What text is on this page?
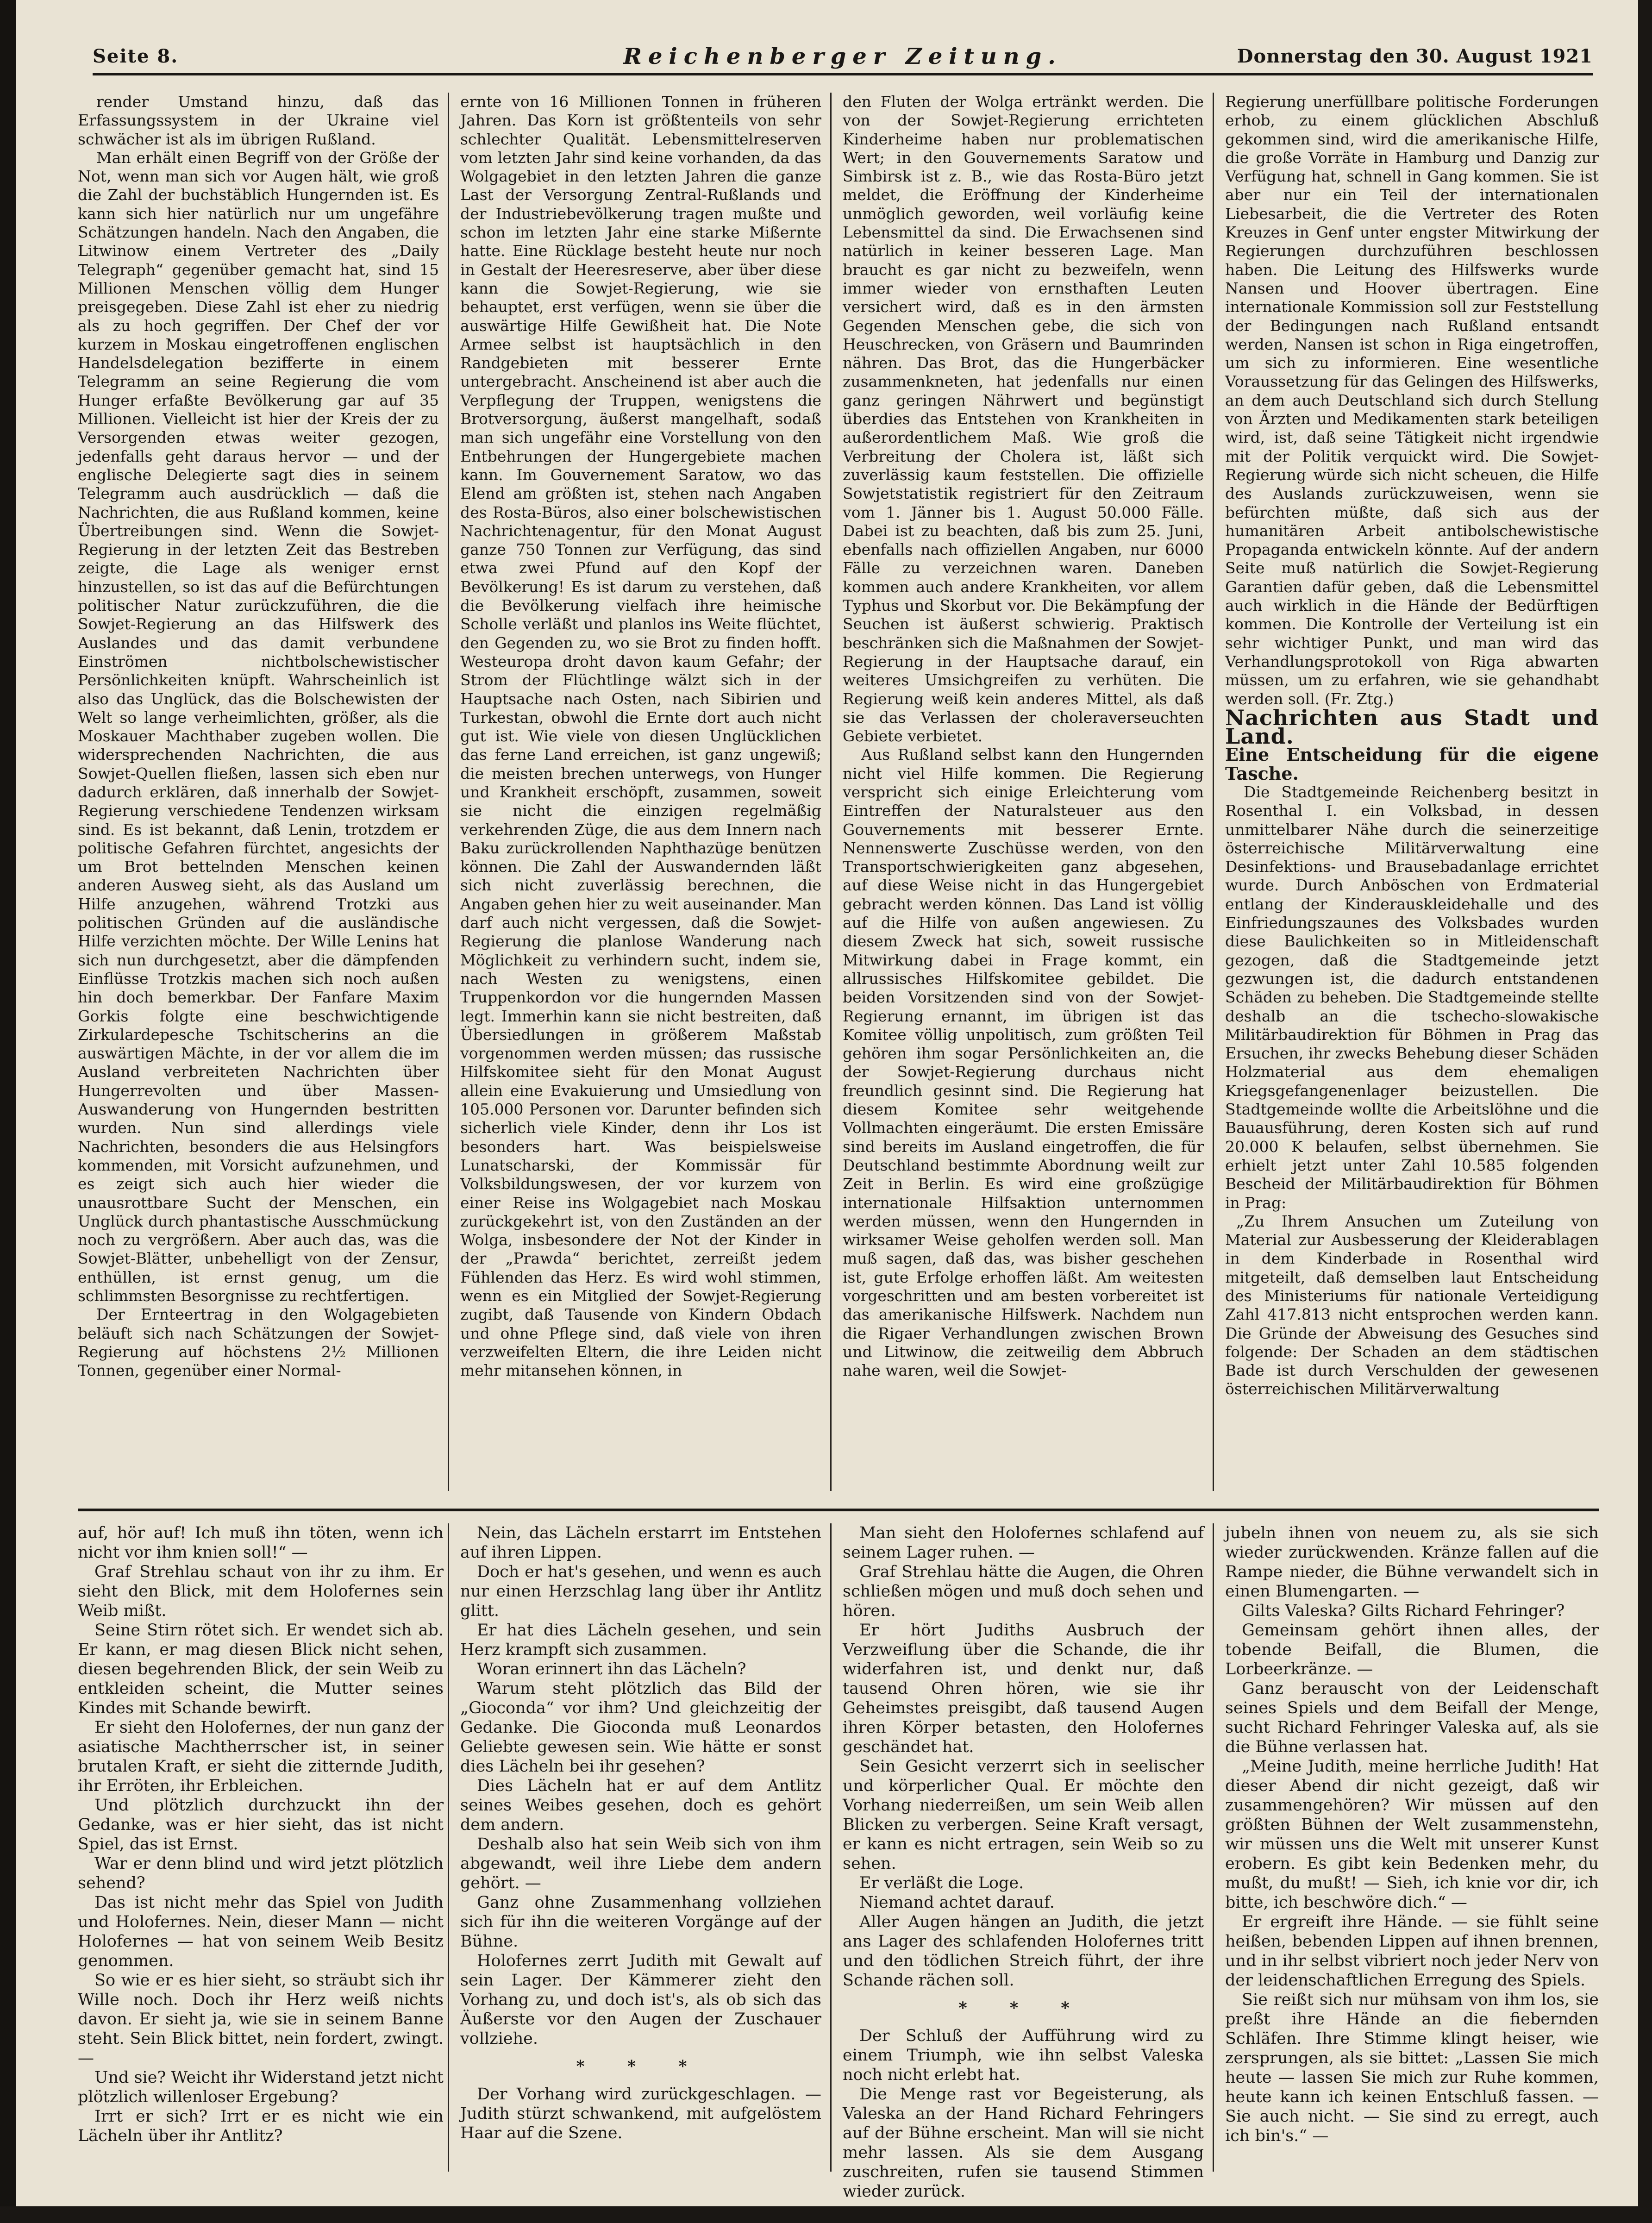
Seite 8.	Reichenberger Zeitung.	Donnerstag den 30. August 1921

render Umstand hinzu, daß das Erfassungssystem in der Ukraine viel schwächer ist als im übrigen Rußland.

Man erhält einen Begriff von der Größe der Not, wenn man sich vor Augen hält, wie groß die Zahl der buchstäblich Hungernden ist. Es kann sich hier natürlich nur um ungefähre Schätzungen handeln. Nach den Angaben, die Litwinow einem Vertreter des „Daily Telegraph“ gegenüber gemacht hat, sind 15 Millionen Menschen völlig dem Hunger preisgegeben. Diese Zahl ist eher zu niedrig als zu hoch gegriffen. Der Chef der vor kurzem in Moskau eingetroffenen englischen Handelsdelegation bezifferte in einem Telegramm an seine Regierung die vom Hunger erfaßte Bevölkerung gar auf 35 Millionen. Vielleicht ist hier der Kreis der zu Versorgenden etwas weiter gezogen, jedenfalls geht daraus hervor — und der englische Delegierte sagt dies in seinem Telegramm auch ausdrücklich — daß die Nachrichten, die aus Rußland kommen, keine Übertreibungen sind. Wenn die Sowjet-Regierung in der letzten Zeit das Bestreben zeigte, die Lage als weniger ernst hinzustellen, so ist das auf die Befürchtungen politischer Natur zurückzuführen, die die Sowjet-Regierung an das Hilfswerk des Auslandes und das damit verbundene Einströmen nichtbolschewistischer Persönlichkeiten knüpft. Wahrscheinlich ist also das Unglück, das die Bolschewisten der Welt so lange verheimlichten, größer, als die Moskauer Machthaber zugeben wollen. Die widersprechenden Nachrichten, die aus Sowjet-Quellen fließen, lassen sich eben nur dadurch erklären, daß innerhalb der Sowjet-Regierung verschiedene Tendenzen wirksam sind. Es ist bekannt, daß Lenin, trotzdem er politische Gefahren fürchtet, angesichts der um Brot bettelnden Menschen keinen anderen Ausweg sieht, als das Ausland um Hilfe anzugehen, während Trotzki aus politischen Gründen auf die ausländische Hilfe verzichten möchte. Der Wille Lenins hat sich nun durchgesetzt, aber die dämpfenden Einflüsse Trotzkis machen sich noch außen hin doch bemerkbar. Der Fanfare Maxim Gorkis folgte eine beschwichtigende Zirkulardepesche Tschitscherins an die auswärtigen Mächte, in der vor allem die im Ausland verbreiteten Nachrichten über Hungerrevolten und über Massen-Auswanderung von Hungernden bestritten wurden. Nun sind allerdings viele Nachrichten, besonders die aus Helsingfors kommenden, mit Vorsicht aufzunehmen, und es zeigt sich auch hier wieder die unausrottbare Sucht der Menschen, ein Unglück durch phantastische Ausschmückung noch zu vergrößern. Aber auch das, was die Sowjet-Blätter, unbehelligt von der Zensur, enthüllen, ist ernst genug, um die schlimmsten Besorgnisse zu rechtfertigen.

Der Ernteertrag in den Wolgagebieten beläuft sich nach Schätzungen der Sowjet-Regierung auf höchstens 2½ Millionen Tonnen, gegenüber einer Normal-

ernte von 16 Millionen Tonnen in früheren Jahren. Das Korn ist größtenteils von sehr schlechter Qualität. Lebensmittelreserven vom letzten Jahr sind keine vorhanden, da das Wolgagebiet in den letzten Jahren die ganze Last der Versorgung Zentral-Rußlands und der Industriebevölkerung tragen mußte und schon im letzten Jahr eine starke Mißernte hatte. Eine Rücklage besteht heute nur noch in Gestalt der Heeresreserve, aber über diese kann die Sowjet-Regierung, wie sie behauptet, erst verfügen, wenn sie über die auswärtige Hilfe Gewißheit hat. Die Note Armee selbst ist hauptsächlich in den Randgebieten mit besserer Ernte untergebracht. Anscheinend ist aber auch die Verpflegung der Truppen, wenigstens die Brotversorgung, äußerst mangelhaft, sodaß man sich ungefähr eine Vorstellung von den Entbehrungen der Hungergebiete machen kann. Im Gouvernement Saratow, wo das Elend am größten ist, stehen nach Angaben des Rosta-Büros, also einer bolschewistischen Nachrichtenagentur, für den Monat August ganze 750 Tonnen zur Verfügung, das sind etwa zwei Pfund auf den Kopf der Bevölkerung! Es ist darum zu verstehen, daß die Bevölkerung vielfach ihre heimische Scholle verläßt und planlos ins Weite flüchtet, den Gegenden zu, wo sie Brot zu finden hofft. Westeuropa droht davon kaum Gefahr; der Strom der Flüchtlinge wälzt sich in der Hauptsache nach Osten, nach Sibirien und Turkestan, obwohl die Ernte dort auch nicht gut ist. Wie viele von diesen Unglücklichen das ferne Land erreichen, ist ganz ungewiß; die meisten brechen unterwegs, von Hunger und Krankheit erschöpft, zusammen, soweit sie nicht die einzigen regelmäßig verkehrenden Züge, die aus dem Innern nach Baku zurückrollenden Naphthazüge benützen können. Die Zahl der Auswandernden läßt sich nicht zuverlässig berechnen, die Angaben gehen hier zu weit auseinander. Man darf auch nicht vergessen, daß die Sowjet-Regierung die planlose Wanderung nach Möglichkeit zu verhindern sucht, indem sie, nach Westen zu wenigstens, einen Truppenkordon vor die hungernden Massen legt. Immerhin kann sie nicht bestreiten, daß Übersiedlungen in größerem Maßstab vorgenommen werden müssen; das russische Hilfskomitee sieht für den Monat August allein eine Evakuierung und Umsiedlung von 105.000 Personen vor. Darunter befinden sich sicherlich viele Kinder, denn ihr Los ist besonders hart. Was beispielsweise Lunatscharski, der Kommissär für Volksbildungswesen, der vor kurzem von einer Reise ins Wolgagebiet nach Moskau zurückgekehrt ist, von den Zuständen an der Wolga, insbesondere der Not der Kinder in der „Prawda“ berichtet, zerreißt jedem Fühlenden das Herz. Es wird wohl stimmen, wenn es ein Mitglied der Sowjet-Regierung zugibt, daß Tausende von Kindern Obdach und ohne Pflege sind, daß viele von ihren verzweifelten Eltern, die ihre Leiden nicht mehr mitansehen können, in

den Fluten der Wolga ertränkt werden. Die von der Sowjet-Regierung errichteten Kinderheime haben nur problematischen Wert; in den Gouvernements Saratow und Simbirsk ist z. B., wie das Rosta-Büro jetzt meldet, die Eröffnung der Kinderheime unmöglich geworden, weil vorläufig keine Lebensmittel da sind. Die Erwachsenen sind natürlich in keiner besseren Lage. Man braucht es gar nicht zu bezweifeln, wenn immer wieder von ernsthaften Leuten versichert wird, daß es in den ärmsten Gegenden Menschen gebe, die sich von Heuschrecken, von Gräsern und Baumrinden nähren. Das Brot, das die Hungerbäcker zusammenkneten, hat jedenfalls nur einen ganz geringen Nährwert und begünstigt überdies das Entstehen von Krankheiten in außerordentlichem Maß. Wie groß die Verbreitung der Cholera ist, läßt sich zuverlässig kaum feststellen. Die offizielle Sowjetstatistik registriert für den Zeitraum vom 1. Jänner bis 1. August 50.000 Fälle. Dabei ist zu beachten, daß bis zum 25. Juni, ebenfalls nach offiziellen Angaben, nur 6000 Fälle zu verzeichnen waren. Daneben kommen auch andere Krankheiten, vor allem Typhus und Skorbut vor. Die Bekämpfung der Seuchen ist äußerst schwierig. Praktisch beschränken sich die Maßnahmen der Sowjet-Regierung in der Hauptsache darauf, ein weiteres Umsichgreifen zu verhüten. Die Regierung weiß kein anderes Mittel, als daß sie das Verlassen der choleraverseuchten Gebiete verbietet.

Aus Rußland selbst kann den Hungernden nicht viel Hilfe kommen. Die Regierung verspricht sich einige Erleichterung vom Eintreffen der Naturalsteuer aus den Gouvernements mit besserer Ernte. Nennenswerte Zuschüsse werden, von den Transportschwierigkeiten ganz abgesehen, auf diese Weise nicht in das Hungergebiet gebracht werden können. Das Land ist völlig auf die Hilfe von außen angewiesen. Zu diesem Zweck hat sich, soweit russische Mitwirkung dabei in Frage kommt, ein allrussisches Hilfskomitee gebildet. Die beiden Vorsitzenden sind von der Sowjet-Regierung ernannt, im übrigen ist das Komitee völlig unpolitisch, zum größten Teil gehören ihm sogar Persönlichkeiten an, die der Sowjet-Regierung durchaus nicht freundlich gesinnt sind. Die Regierung hat diesem Komitee sehr weitgehende Vollmachten eingeräumt. Die ersten Emissäre sind bereits im Ausland eingetroffen, die für Deutschland bestimmte Abordnung weilt zur Zeit in Berlin. Es wird eine großzügige internationale Hilfsaktion unternommen werden müssen, wenn den Hungernden in wirksamer Weise geholfen werden soll. Man muß sagen, daß das, was bisher geschehen ist, gute Erfolge erhoffen läßt. Am weitesten vorgeschritten und am besten vorbereitet ist das amerikanische Hilfswerk. Nachdem nun die Rigaer Verhandlungen zwischen Brown und Litwinow, die zeitweilig dem Abbruch nahe waren, weil die Sowjet-

Regierung unerfüllbare politische Forderungen erhob, zu einem glücklichen Abschluß gekommen sind, wird die amerikanische Hilfe, die große Vorräte in Hamburg und Danzig zur Verfügung hat, schnell in Gang kommen. Sie ist aber nur ein Teil der internationalen Liebesarbeit, die die Vertreter des Roten Kreuzes in Genf unter engster Mitwirkung der Regierungen durchzuführen beschlossen haben. Die Leitung des Hilfswerks wurde Nansen und Hoover übertragen. Eine internationale Kommission soll zur Feststellung der Bedingungen nach Rußland entsandt werden, Nansen ist schon in Riga eingetroffen, um sich zu informieren. Eine wesentliche Voraussetzung für das Gelingen des Hilfswerks, an dem auch Deutschland sich durch Stellung von Ärzten und Medikamenten stark beteiligen wird, ist, daß seine Tätigkeit nicht irgendwie mit der Politik verquickt wird. Die Sowjet-Regierung würde sich nicht scheuen, die Hilfe des Auslands zurückzuweisen, wenn sie befürchten müßte, daß sich aus der humanitären Arbeit antibolschewistische Propaganda entwickeln könnte. Auf der andern Seite muß natürlich die Sowjet-Regierung Garantien dafür geben, daß die Lebensmittel auch wirklich in die Hände der Bedürftigen kommen. Die Kontrolle der Verteilung ist ein sehr wichtiger Punkt, und man wird das Verhandlungsprotokoll von Riga abwarten müssen, um zu erfahren, wie sie gehandhabt werden soll. (Fr. Ztg.)

Nachrichten aus Stadt und Land.

Eine Entscheidung für die eigene Tasche.

Die Stadtgemeinde Reichenberg besitzt in Rosenthal I. ein Volksbad, in dessen unmittelbarer Nähe durch die seinerzeitige österreichische Militärverwaltung eine Desinfektions- und Brausebadanlage errichtet wurde. Durch Anböschen von Erdmaterial entlang der Kinderauskleidehalle und des Einfriedungszaunes des Volksbades wurden diese Baulichkeiten so in Mitleidenschaft gezogen, daß die Stadtgemeinde jetzt gezwungen ist, die dadurch entstandenen Schäden zu beheben. Die Stadtgemeinde stellte deshalb an die tschecho-slowakische Militärbaudirektion für Böhmen in Prag das Ersuchen, ihr zwecks Behebung dieser Schäden Holzmaterial aus dem ehemaligen Kriegsgefangenenlager beizustellen. Die Stadtgemeinde wollte die Arbeitslöhne und die Bauausführung, deren Kosten sich auf rund 20.000 K belaufen, selbst übernehmen. Sie erhielt jetzt unter Zahl 10.585 folgenden Bescheid der Militärbaudirektion für Böhmen in Prag:

„Zu Ihrem Ansuchen um Zuteilung von Material zur Ausbesserung der Kleiderablagen in dem Kinderbade in Rosenthal wird mitgeteilt, daß demselben laut Entscheidung des Ministeriums für nationale Verteidigung Zahl 417.813 nicht entsprochen werden kann. Die Gründe der Abweisung des Gesuches sind folgende: Der Schaden an dem städtischen Bade ist durch Verschulden der gewesenen österreichischen Militärverwaltung

auf, hör auf! Ich muß ihn töten, wenn ich nicht vor ihm knien soll!“ —

Graf Strehlau schaut von ihr zu ihm. Er sieht den Blick, mit dem Holofernes sein Weib mißt.

Seine Stirn rötet sich. Er wendet sich ab. Er kann, er mag diesen Blick nicht sehen, diesen begehrenden Blick, der sein Weib zu entkleiden scheint, die Mutter seines Kindes mit Schande bewirft.

Er sieht den Holofernes, der nun ganz der asiatische Machtherrscher ist, in seiner brutalen Kraft, er sieht die zitternde Judith, ihr Erröten, ihr Erbleichen.

Und plötzlich durchzuckt ihn der Gedanke, was er hier sieht, das ist nicht Spiel, das ist Ernst.

War er denn blind und wird jetzt plötzlich sehend?

Das ist nicht mehr das Spiel von Judith und Holofernes. Nein, dieser Mann — nicht Holofernes — hat von seinem Weib Besitz genommen.

So wie er es hier sieht, so sträubt sich ihr Wille noch. Doch ihr Herz weiß nichts davon. Er sieht ja, wie sie in seinem Banne steht. Sein Blick bittet, nein fordert, zwingt. —

Und sie? Weicht ihr Widerstand jetzt nicht plötzlich willenloser Ergebung?

Irrt er sich? Irrt er es nicht wie ein Lächeln über ihr Antlitz?

Nein, das Lächeln erstarrt im Entstehen auf ihren Lippen.

Doch er hat's gesehen, und wenn es auch nur einen Herzschlag lang über ihr Antlitz glitt.

Er hat dies Lächeln gesehen, und sein Herz krampft sich zusammen.

Woran erinnert ihn das Lächeln?

Warum steht plötzlich das Bild der „Gioconda“ vor ihm? Und gleichzeitig der Gedanke. Die Gioconda muß Leonardos Geliebte gewesen sein. Wie hätte er sonst dies Lächeln bei ihr gesehen?

Dies Lächeln hat er auf dem Antlitz seines Weibes gesehen, doch es gehört dem andern.

Deshalb also hat sein Weib sich von ihm abgewandt, weil ihre Liebe dem andern gehört. —

Ganz ohne Zusammenhang vollziehen sich für ihn die weiteren Vorgänge auf der Bühne.

Holofernes zerrt Judith mit Gewalt auf sein Lager. Der Kämmerer zieht den Vorhang zu, und doch ist's, als ob sich das Äußerste vor den Augen der Zuschauer vollziehe.

* * *

Der Vorhang wird zurückgeschlagen. — Judith stürzt schwankend, mit aufgelöstem Haar auf die Szene.

Man sieht den Holofernes schlafend auf seinem Lager ruhen. —

Graf Strehlau hätte die Augen, die Ohren schließen mögen und muß doch sehen und hören.

Er hört Judiths Ausbruch der Verzweiflung über die Schande, die ihr widerfahren ist, und denkt nur, daß tausend Ohren hören, wie sie ihr Geheimstes preisgibt, daß tausend Augen ihren Körper betasten, den Holofernes geschändet hat.

Sein Gesicht verzerrt sich in seelischer und körperlicher Qual. Er möchte den Vorhang niederreißen, um sein Weib allen Blicken zu verbergen. Seine Kraft versagt, er kann es nicht ertragen, sein Weib so zu sehen.

Er verläßt die Loge.

Niemand achtet darauf.

Aller Augen hängen an Judith, die jetzt ans Lager des schlafenden Holofernes tritt und den tödlichen Streich führt, der ihre Schande rächen soll.

* * *

Der Schluß der Aufführung wird zu einem Triumph, wie ihn selbst Valeska noch nicht erlebt hat.

Die Menge rast vor Begeisterung, als Valeska an der Hand Richard Fehringers auf der Bühne erscheint. Man will sie nicht mehr lassen. Als sie dem Ausgang zuschreiten, rufen sie tausend Stimmen wieder zurück.

jubeln ihnen von neuem zu, als sie sich wieder zurückwenden. Kränze fallen auf die Rampe nieder, die Bühne verwandelt sich in einen Blumengarten. —

Gilts Valeska? Gilts Richard Fehringer?

Gemeinsam gehört ihnen alles, der tobende Beifall, die Blumen, die Lorbeerkränze. —

Ganz berauscht von der Leidenschaft seines Spiels und dem Beifall der Menge, sucht Richard Fehringer Valeska auf, als sie die Bühne verlassen hat.

„Meine Judith, meine herrliche Judith! Hat dieser Abend dir nicht gezeigt, daß wir zusammengehören? Wir müssen auf den größten Bühnen der Welt zusammenstehn, wir müssen uns die Welt mit unserer Kunst erobern. Es gibt kein Bedenken mehr, du mußt, du mußt! — Sieh, ich knie vor dir, ich bitte, ich beschwöre dich.“ —

Er ergreift ihre Hände. — sie fühlt seine heißen, bebenden Lippen auf ihnen brennen, und in ihr selbst vibriert noch jeder Nerv von der leidenschaftlichen Erregung des Spiels.

Sie reißt sich nur mühsam von ihm los, sie preßt ihre Hände an die fiebernden Schläfen. Ihre Stimme klingt heiser, wie zersprungen, als sie bittet: „Lassen Sie mich heute — lassen Sie mich zur Ruhe kommen, heute kann ich keinen Entschluß fassen. — Sie auch nicht. — Sie sind zu erregt, auch ich bin's.“ —
